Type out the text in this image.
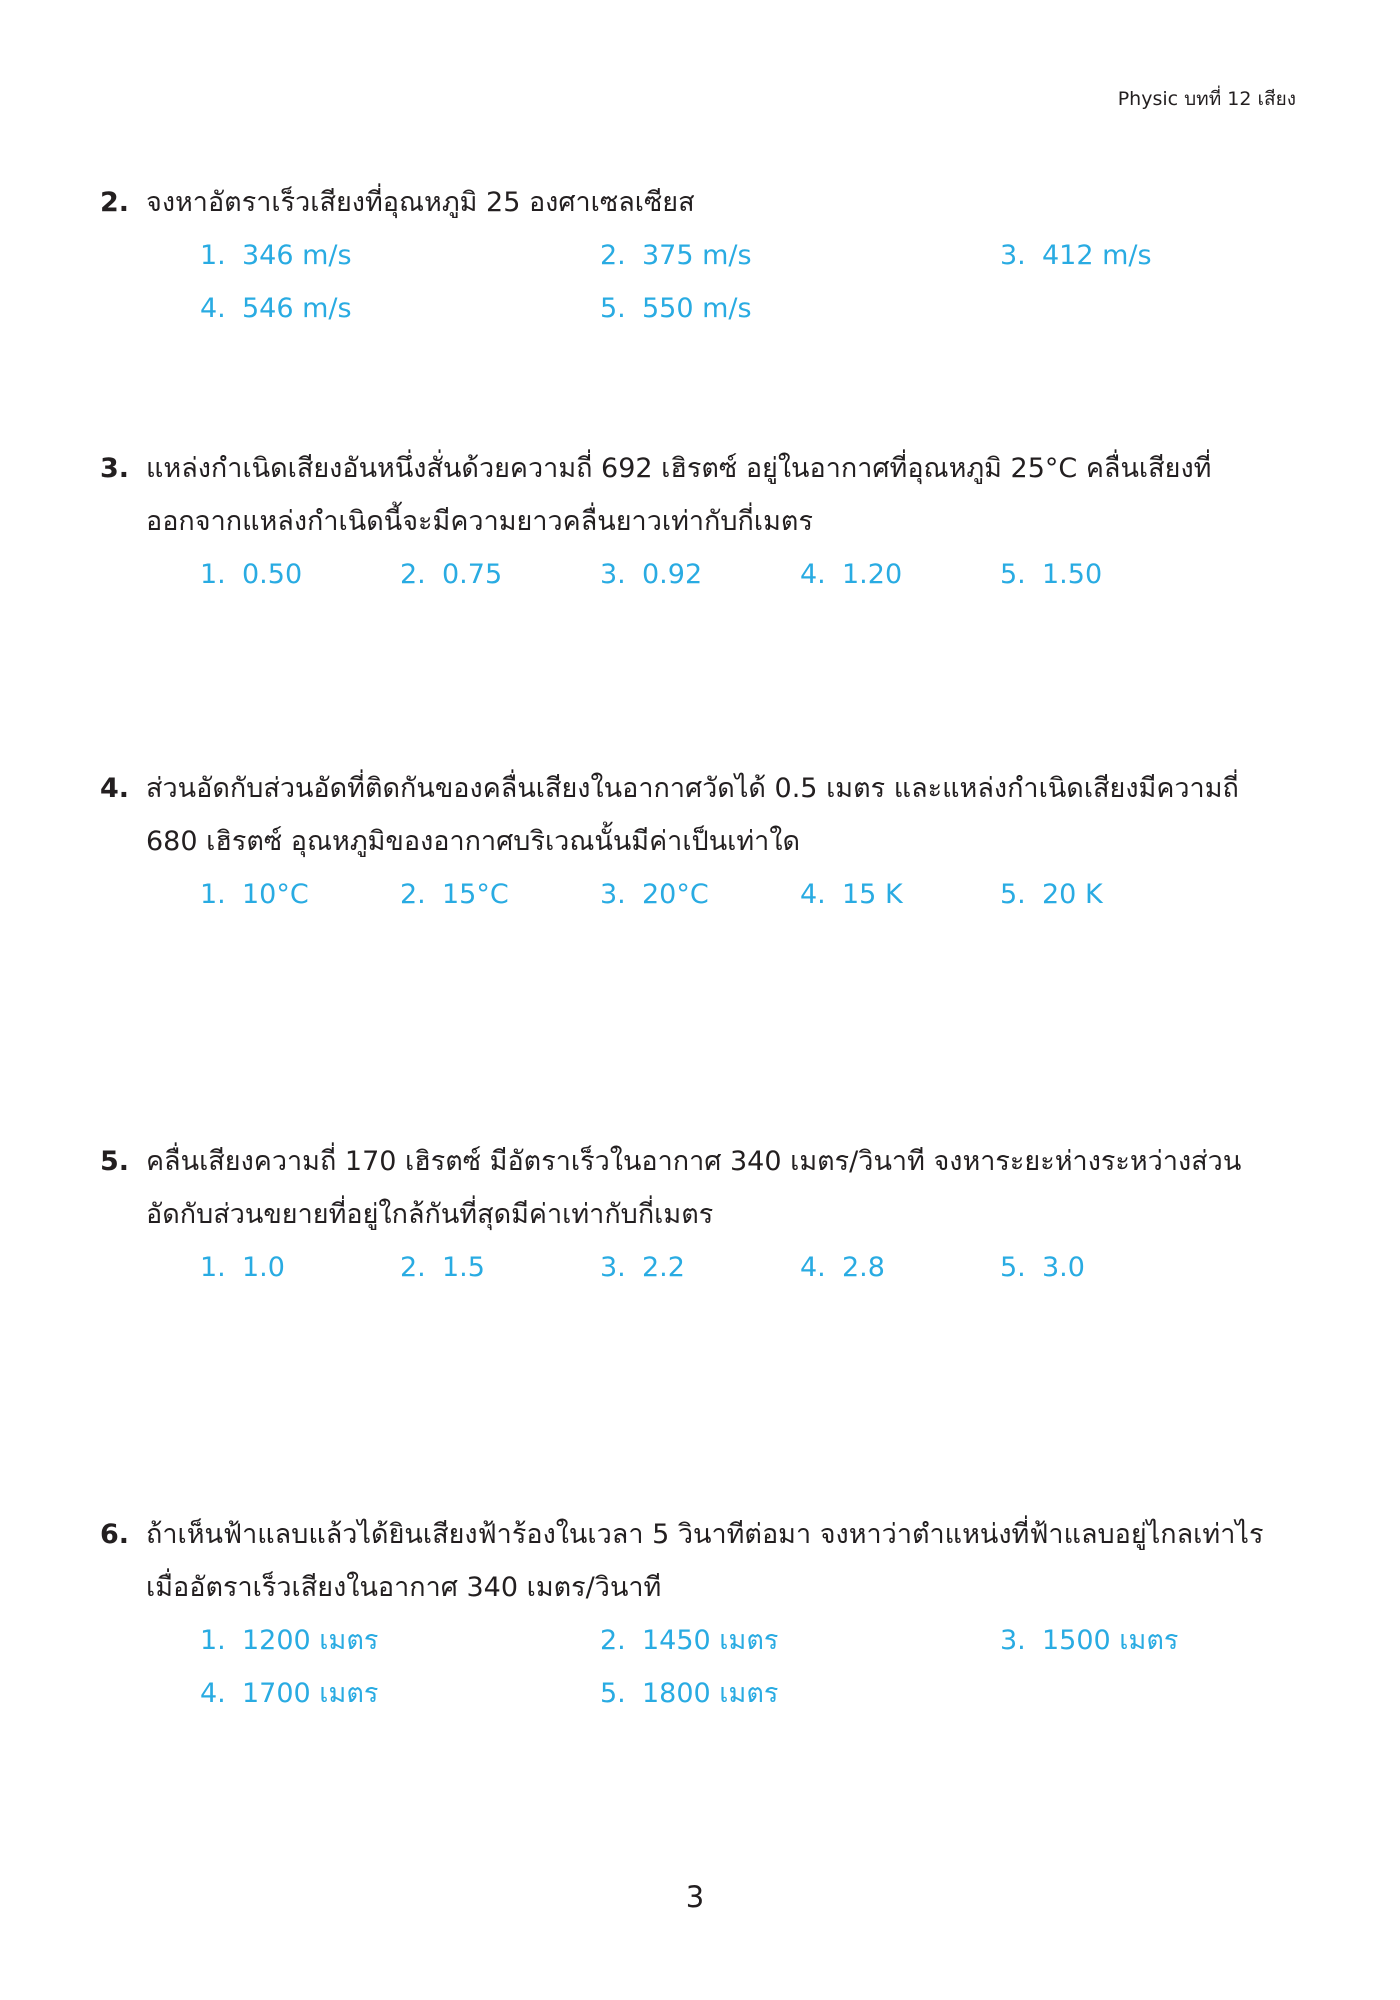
Physic บทที่ 12 เสียง
2. จงหาอัตราเร็วเสียงที่อุณหภูมิ 25 องศาเซลเซียส
1. 346 m/s	2. 375 m/s	3. 412 m/s
4. 546 m/s	5. 550 m/s
3. แหล่งกำเนิดเสียงอันหนึ่งสั่นด้วยความถี่ 692 เฮิรตซ์ อยู่ในอากาศที่อุณหภูมิ 25°C คลื่นเสียงที่
ออกจากแหล่งกำเนิดนี้จะมีความยาวคลื่นยาวเท่ากับกี่เมตร
1. 0.50	2. 0.75	3. 0.92	4. 1.20	5. 1.50
4. ส่วนอัดกับส่วนอัดที่ติดกันของคลื่นเสียงในอากาศวัดได้ 0.5 เมตร และแหล่งกำเนิดเสียงมีความถี่
680 เฮิรตซ์ อุณหภูมิของอากาศบริเวณนั้นมีค่าเป็นเท่าใด
1. 10°C	2. 15°C	3. 20°C	4. 15 K	5. 20 K
5. คลื่นเสียงความถี่ 170 เฮิรตซ์ มีอัตราเร็วในอากาศ 340 เมตร/วินาที จงหาระยะห่างระหว่างส่วน
อัดกับส่วนขยายที่อยู่ใกล้กันที่สุดมีค่าเท่ากับกี่เมตร
1. 1.0	2. 1.5	3. 2.2	4. 2.8	5. 3.0
6. ถ้าเห็นฟ้าแลบแล้วได้ยินเสียงฟ้าร้องในเวลา 5 วินาทีต่อมา จงหาว่าตำแหน่งที่ฟ้าแลบอยู่ไกลเท่าไร
เมื่ออัตราเร็วเสียงในอากาศ 340 เมตร/วินาที
1. 1200 เมตร	2. 1450 เมตร	3. 1500 เมตร
4. 1700 เมตร	5. 1800 เมตร
3
